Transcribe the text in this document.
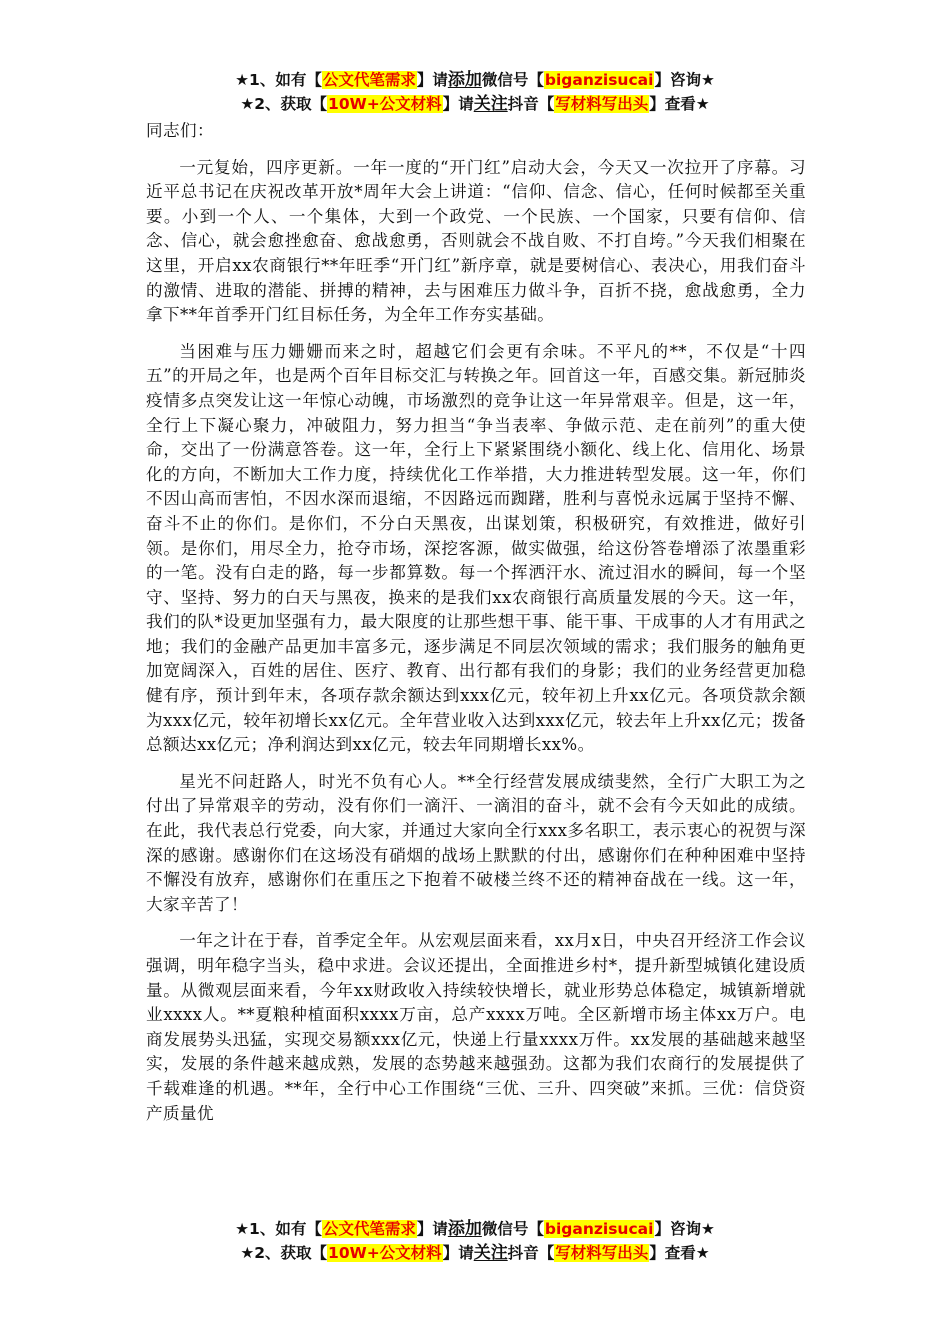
★1、如有【公文代笔需求】请添加微信号【biganzisucai】咨询★
★2、获取【10W+公文材料】请关注抖音【写材料写出头】查看★

同志们：

一元复始，四序更新。一年一度的“开门红”启动大会，今天又一次拉开了序幕。习近平总书记在庆祝改革开放*周年大会上讲道：“信仰、信念、信心，任何时候都至关重要。小到一个人、一个集体，大到一个政党、一个民族、一个国家，只要有信仰、信念、信心，就会愈挫愈奋、愈战愈勇，否则就会不战自败、不打自垮。”今天我们相聚在这里，开启xx农商银行**年旺季“开门红”新序章，就是要树信心、表决心，用我们奋斗的激情、进取的潜能、拼搏的精神，去与困难压力做斗争，百折不挠，愈战愈勇，全力拿下**年首季开门红目标任务，为全年工作夯实基础。

当困难与压力姗姗而来之时，超越它们会更有余味。不平凡的**，不仅是“十四五”的开局之年，也是两个百年目标交汇与转换之年。回首这一年，百感交集。新冠肺炎疫情多点突发让这一年惊心动魄，市场激烈的竞争让这一年异常艰辛。但是，这一年，全行上下凝心聚力，冲破阻力，努力担当“争当表率、争做示范、走在前列”的重大使命，交出了一份满意答卷。这一年，全行上下紧紧围绕小额化、线上化、信用化、场景化的方向，不断加大工作力度，持续优化工作举措，大力推进转型发展。这一年，你们不因山高而害怕，不因水深而退缩，不因路远而踟躇，胜利与喜悦永远属于坚持不懈、奋斗不止的你们。是你们，不分白天黑夜，出谋划策，积极研究，有效推进，做好引领。是你们，用尽全力，抢夺市场，深挖客源，做实做强，给这份答卷增添了浓墨重彩的一笔。没有白走的路，每一步都算数。每一个挥洒汗水、流过泪水的瞬间，每一个坚守、坚持、努力的白天与黑夜，换来的是我们xx农商银行高质量发展的今天。这一年，我们的队*设更加坚强有力，最大限度的让那些想干事、能干事、干成事的人才有用武之地；我们的金融产品更加丰富多元，逐步满足不同层次领域的需求；我们服务的触角更加宽阔深入，百姓的居住、医疗、教育、出行都有我们的身影；我们的业务经营更加稳健有序，预计到年末，各项存款余额达到xxx亿元，较年初上升xx亿元。各项贷款余额为xxx亿元，较年初增长xx亿元。全年营业收入达到xxx亿元，较去年上升xx亿元；拨备总额达xx亿元；净利润达到xx亿元，较去年同期增长xx%。

星光不问赶路人，时光不负有心人。**全行经营发展成绩斐然，全行广大职工为之付出了异常艰辛的劳动，没有你们一滴汗、一滴泪的奋斗，就不会有今天如此的成绩。在此，我代表总行党委，向大家，并通过大家向全行xxx多名职工，表示衷心的祝贺与深深的感谢。感谢你们在这场没有硝烟的战场上默默的付出，感谢你们在种种困难中坚持不懈没有放弃，感谢你们在重压之下抱着不破楼兰终不还的精神奋战在一线。这一年，大家辛苦了！

一年之计在于春，首季定全年。从宏观层面来看，xx月x日，中央召开经济工作会议强调，明年稳字当头，稳中求进。会议还提出，全面推进乡村*，提升新型城镇化建设质量。从微观层面来看，今年xx财政收入持续较快增长，就业形势总体稳定，城镇新增就业xxxx人。**夏粮种植面积xxxx万亩，总产xxxx万吨。全区新增市场主体xx万户。电商发展势头迅猛，实现交易额xxx亿元，快递上行量xxxx万件。xx发展的基础越来越坚实，发展的条件越来越成熟，发展的态势越来越强劲。这都为我们农商行的发展提供了千载难逢的机遇。**年，全行中心工作围绕“三优、三升、四突破”来抓。三优：信贷资产质量优

★1、如有【公文代笔需求】请添加微信号【biganzisucai】咨询★
★2、获取【10W+公文材料】请关注抖音【写材料写出头】查看★
